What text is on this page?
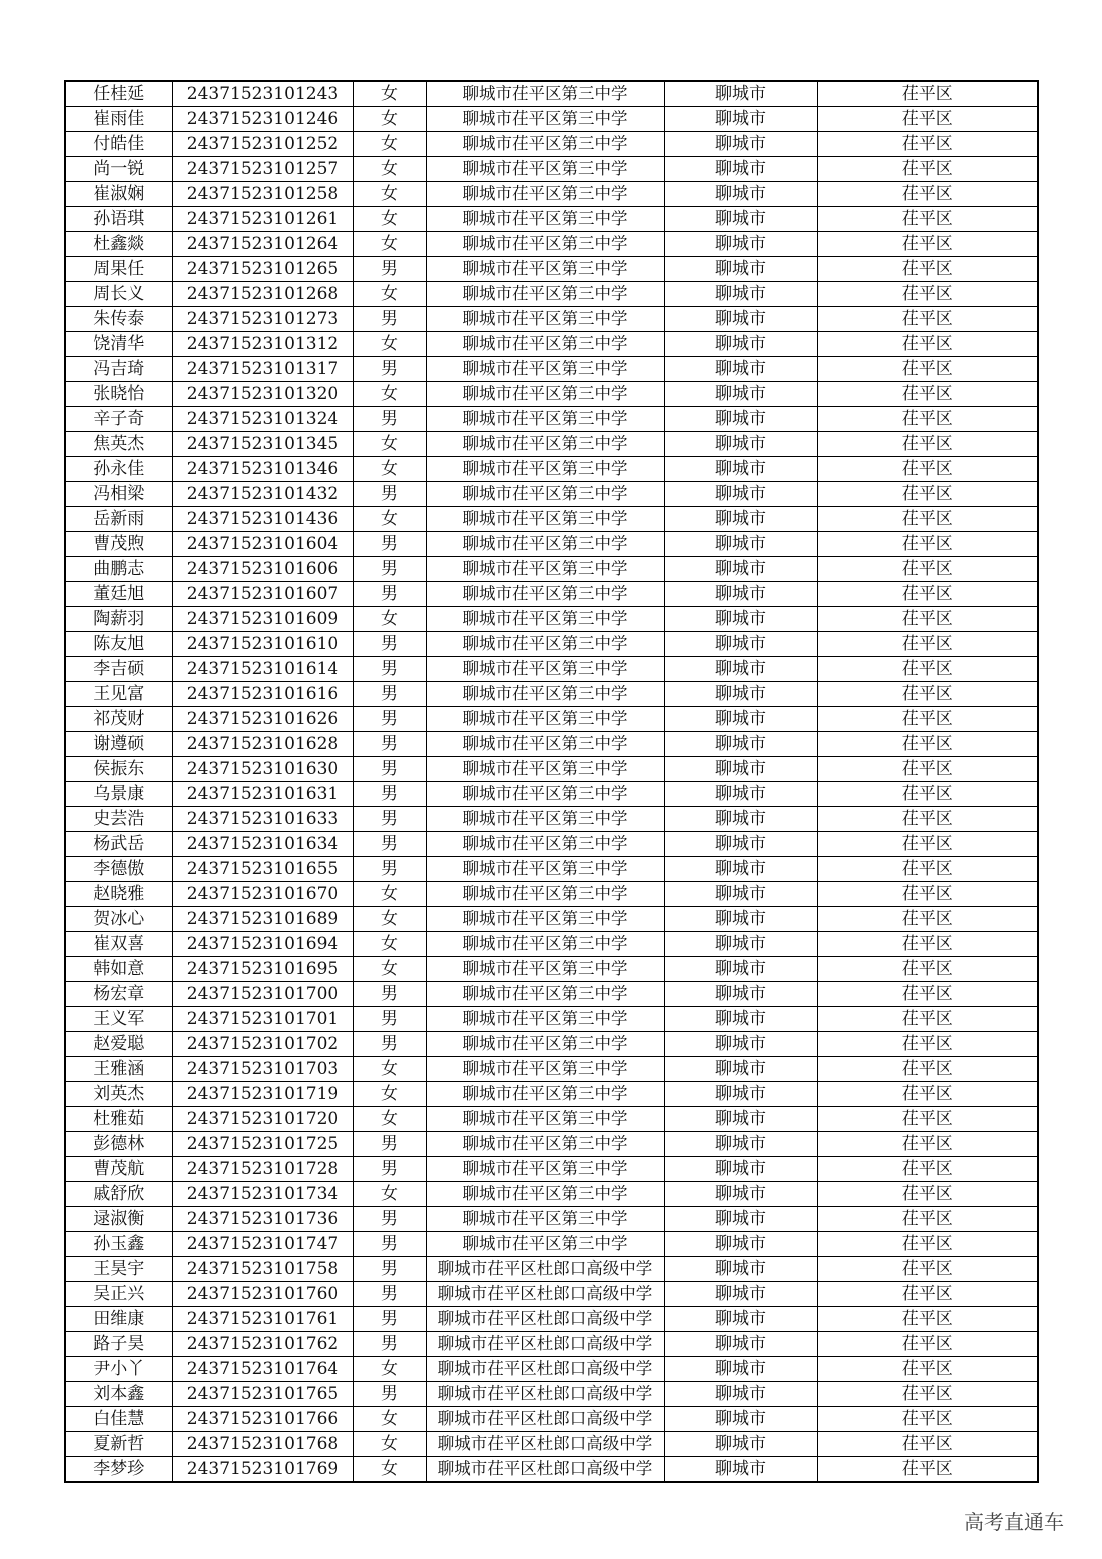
任桂延	24371523101243	女	聊城市茌平区第三中学	聊城市	茌平区
崔雨佳	24371523101246	女	聊城市茌平区第三中学	聊城市	茌平区
付皓佳	24371523101252	女	聊城市茌平区第三中学	聊城市	茌平区
尚一锐	24371523101257	女	聊城市茌平区第三中学	聊城市	茌平区
崔淑娴	24371523101258	女	聊城市茌平区第三中学	聊城市	茌平区
孙语琪	24371523101261	女	聊城市茌平区第三中学	聊城市	茌平区
杜鑫燚	24371523101264	女	聊城市茌平区第三中学	聊城市	茌平区
周果任	24371523101265	男	聊城市茌平区第三中学	聊城市	茌平区
周长义	24371523101268	女	聊城市茌平区第三中学	聊城市	茌平区
朱传泰	24371523101273	男	聊城市茌平区第三中学	聊城市	茌平区
饶清华	24371523101312	女	聊城市茌平区第三中学	聊城市	茌平区
冯吉琦	24371523101317	男	聊城市茌平区第三中学	聊城市	茌平区
张晓怡	24371523101320	女	聊城市茌平区第三中学	聊城市	茌平区
辛子奇	24371523101324	男	聊城市茌平区第三中学	聊城市	茌平区
焦英杰	24371523101345	女	聊城市茌平区第三中学	聊城市	茌平区
孙永佳	24371523101346	女	聊城市茌平区第三中学	聊城市	茌平区
冯相梁	24371523101432	男	聊城市茌平区第三中学	聊城市	茌平区
岳新雨	24371523101436	女	聊城市茌平区第三中学	聊城市	茌平区
曹茂煦	24371523101604	男	聊城市茌平区第三中学	聊城市	茌平区
曲鹏志	24371523101606	男	聊城市茌平区第三中学	聊城市	茌平区
董廷旭	24371523101607	男	聊城市茌平区第三中学	聊城市	茌平区
陶薪羽	24371523101609	女	聊城市茌平区第三中学	聊城市	茌平区
陈友旭	24371523101610	男	聊城市茌平区第三中学	聊城市	茌平区
李吉硕	24371523101614	男	聊城市茌平区第三中学	聊城市	茌平区
王见富	24371523101616	男	聊城市茌平区第三中学	聊城市	茌平区
祁茂财	24371523101626	男	聊城市茌平区第三中学	聊城市	茌平区
谢遵硕	24371523101628	男	聊城市茌平区第三中学	聊城市	茌平区
侯振东	24371523101630	男	聊城市茌平区第三中学	聊城市	茌平区
乌景康	24371523101631	男	聊城市茌平区第三中学	聊城市	茌平区
史芸浩	24371523101633	男	聊城市茌平区第三中学	聊城市	茌平区
杨武岳	24371523101634	男	聊城市茌平区第三中学	聊城市	茌平区
李德傲	24371523101655	男	聊城市茌平区第三中学	聊城市	茌平区
赵晓雅	24371523101670	女	聊城市茌平区第三中学	聊城市	茌平区
贺冰心	24371523101689	女	聊城市茌平区第三中学	聊城市	茌平区
崔双喜	24371523101694	女	聊城市茌平区第三中学	聊城市	茌平区
韩如意	24371523101695	女	聊城市茌平区第三中学	聊城市	茌平区
杨宏章	24371523101700	男	聊城市茌平区第三中学	聊城市	茌平区
王义军	24371523101701	男	聊城市茌平区第三中学	聊城市	茌平区
赵爱聪	24371523101702	男	聊城市茌平区第三中学	聊城市	茌平区
王雅涵	24371523101703	女	聊城市茌平区第三中学	聊城市	茌平区
刘英杰	24371523101719	女	聊城市茌平区第三中学	聊城市	茌平区
杜雅茹	24371523101720	女	聊城市茌平区第三中学	聊城市	茌平区
彭德林	24371523101725	男	聊城市茌平区第三中学	聊城市	茌平区
曹茂航	24371523101728	男	聊城市茌平区第三中学	聊城市	茌平区
戚舒欣	24371523101734	女	聊城市茌平区第三中学	聊城市	茌平区
逯淑衡	24371523101736	男	聊城市茌平区第三中学	聊城市	茌平区
孙玉鑫	24371523101747	男	聊城市茌平区第三中学	聊城市	茌平区
王昊宇	24371523101758	男	聊城市茌平区杜郎口高级中学	聊城市	茌平区
吴正兴	24371523101760	男	聊城市茌平区杜郎口高级中学	聊城市	茌平区
田维康	24371523101761	男	聊城市茌平区杜郎口高级中学	聊城市	茌平区
路子昊	24371523101762	男	聊城市茌平区杜郎口高级中学	聊城市	茌平区
尹小丫	24371523101764	女	聊城市茌平区杜郎口高级中学	聊城市	茌平区
刘本鑫	24371523101765	男	聊城市茌平区杜郎口高级中学	聊城市	茌平区
白佳慧	24371523101766	女	聊城市茌平区杜郎口高级中学	聊城市	茌平区
夏新哲	24371523101768	女	聊城市茌平区杜郎口高级中学	聊城市	茌平区
李梦珍	24371523101769	女	聊城市茌平区杜郎口高级中学	聊城市	茌平区
高考直通车
